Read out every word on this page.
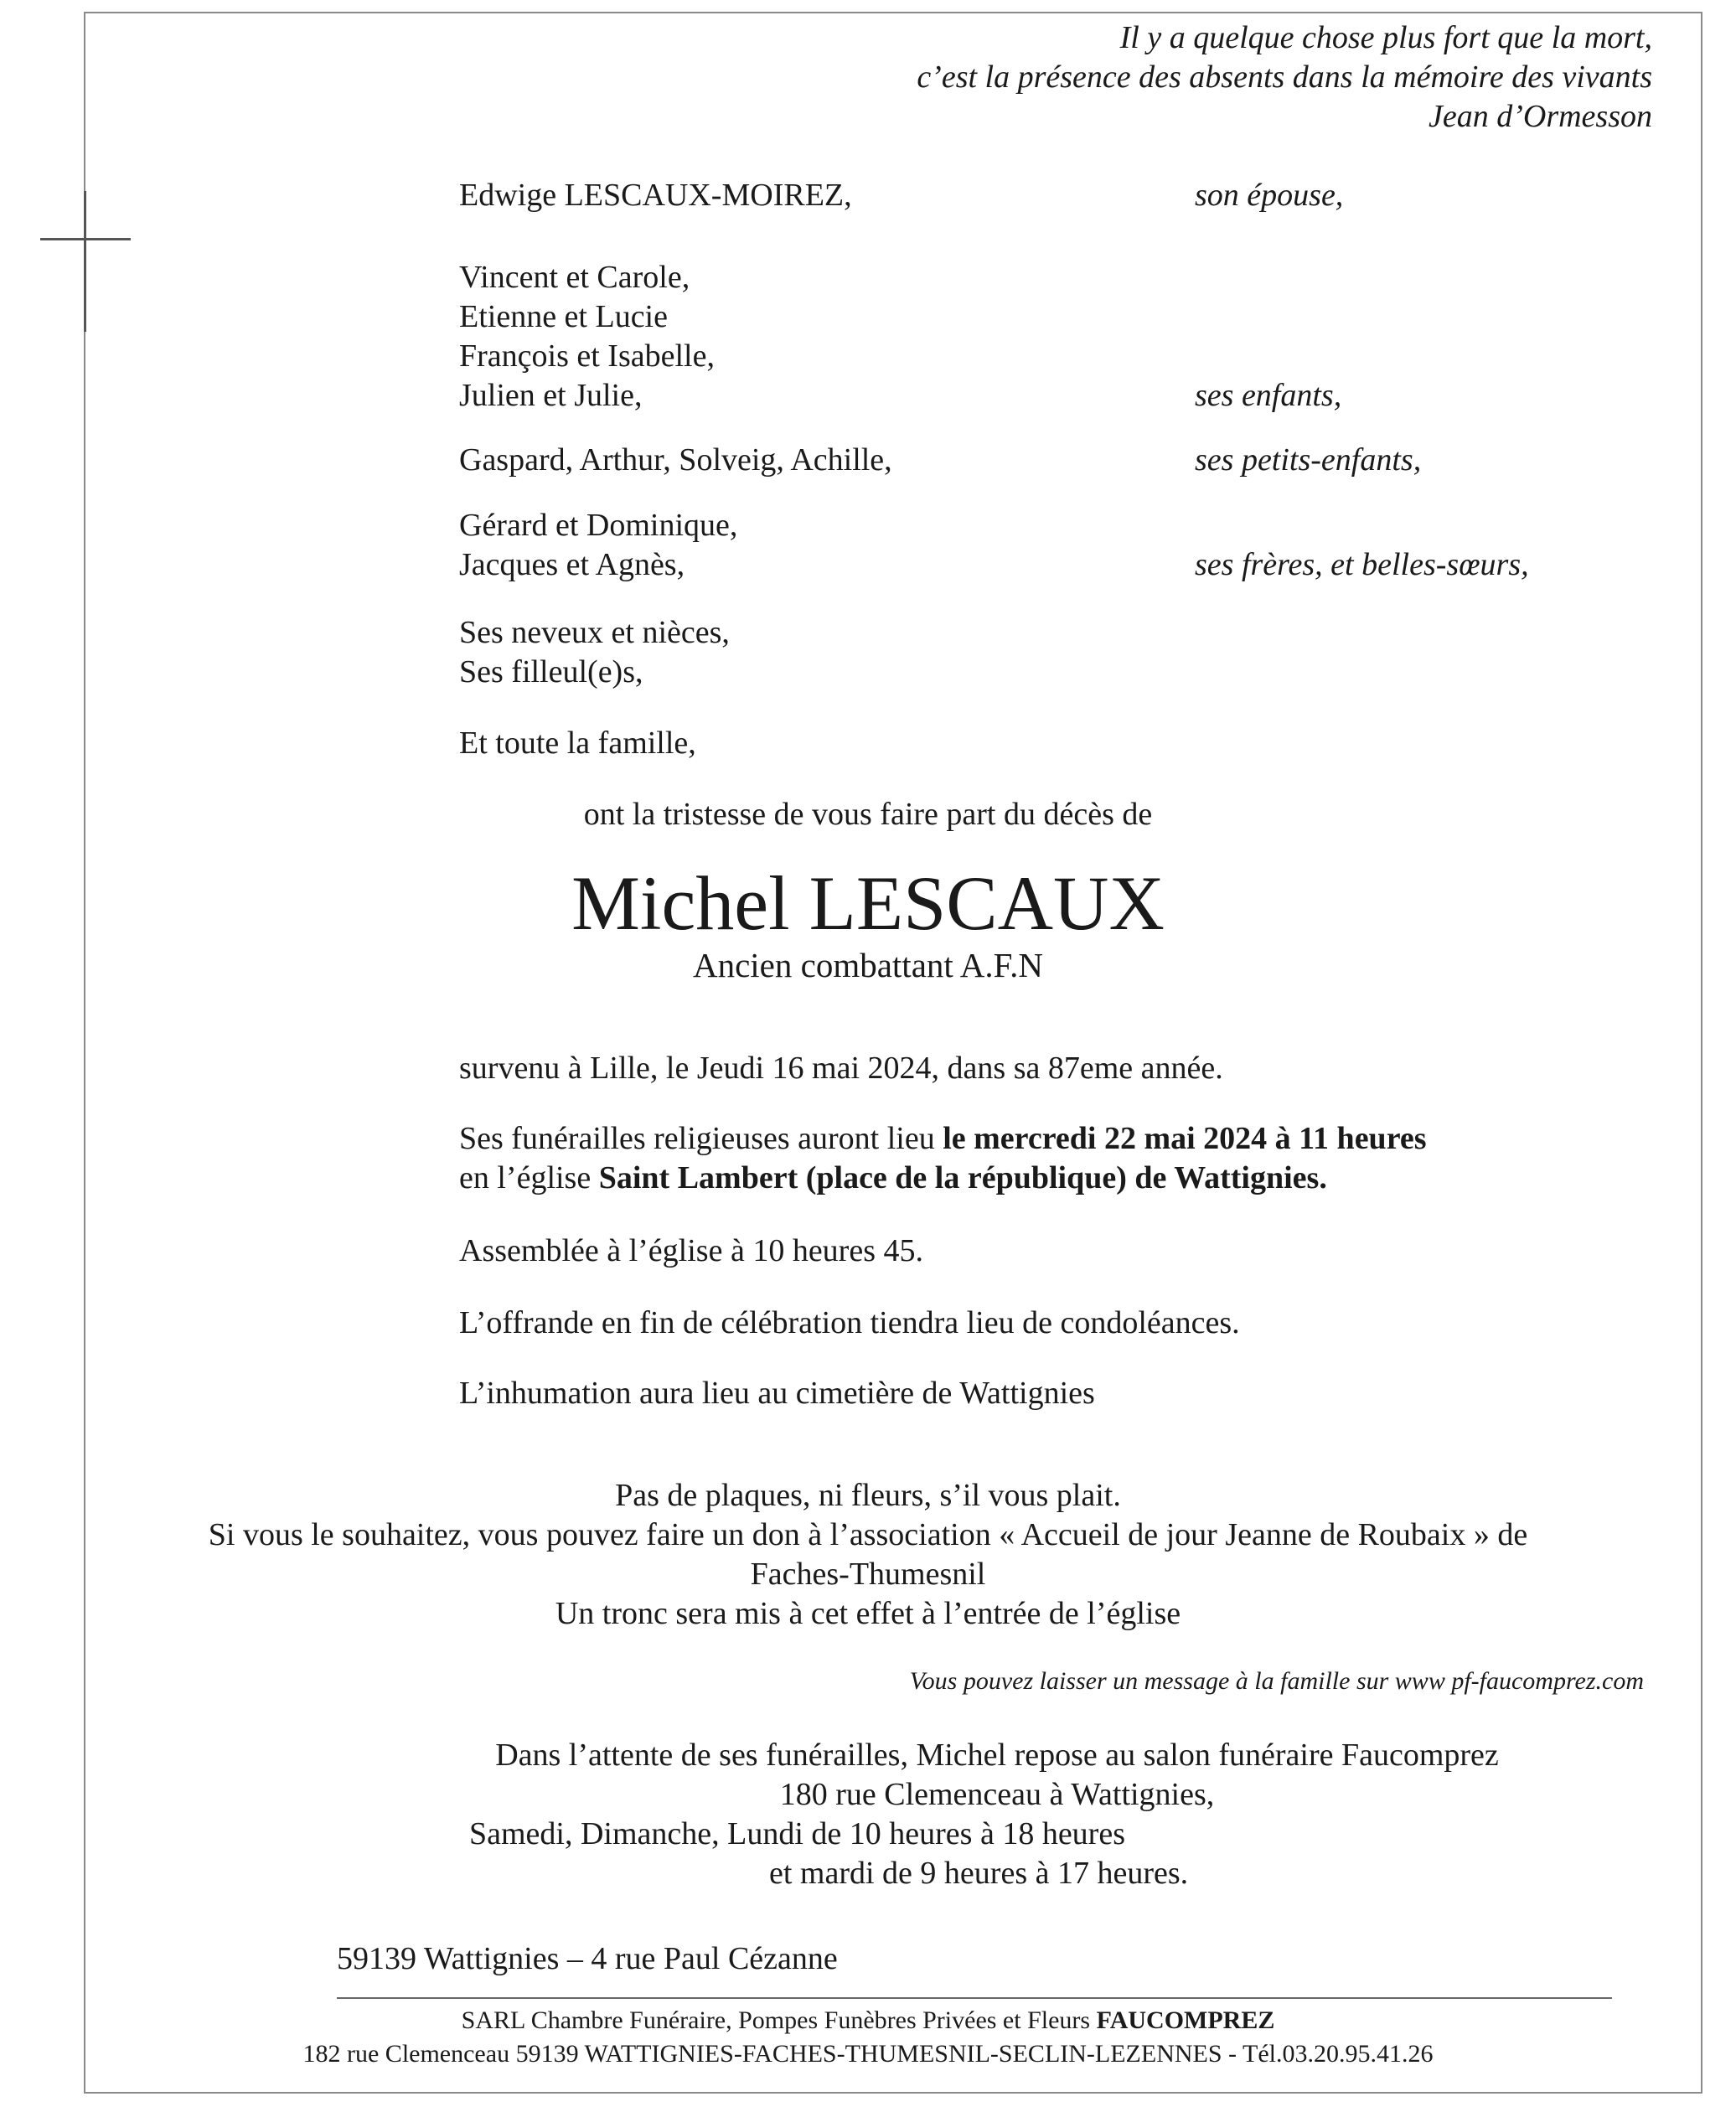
Il y a quelque chose plus fort que la mort,
c’est la présence des absents dans la mémoire des vivants
Jean d’Ormesson
Edwige LESCAUX-MOIREZ,	son épouse,
Vincent et Carole,
Etienne et Lucie
François et Isabelle,
Julien et Julie,	ses enfants,
Gaspard, Arthur, Solveig, Achille,	ses petits-enfants,
Gérard et Dominique,
Jacques et Agnès,	ses frères, et belles-sœurs,
Ses neveux et nièces,
Ses filleul(e)s,
Et toute la famille,
ont la tristesse de vous faire part du décès de
Michel LESCAUX
Ancien combattant A.F.N
survenu à Lille, le Jeudi 16 mai 2024, dans sa 87eme année.
Ses funérailles religieuses auront lieu le mercredi 22 mai 2024 à 11 heures
en l’église Saint Lambert (place de la république) de Wattignies.
Assemblée à l’église à 10 heures 45.
L’offrande en fin de célébration tiendra lieu de condoléances.
L’inhumation aura lieu au cimetière de Wattignies
Pas de plaques, ni fleurs, s’il vous plait.
Si vous le souhaitez, vous pouvez faire un don à l’association « Accueil de jour Jeanne de Roubaix » de
Faches-Thumesnil
Un tronc sera mis à cet effet à l’entrée de l’église
Vous pouvez laisser un message à la famille sur www pf-faucomprez.com
Dans l’attente de ses funérailles, Michel repose au salon funéraire Faucomprez
180 rue Clemenceau à Wattignies,
Samedi, Dimanche, Lundi de 10 heures à 18 heures
et mardi de 9 heures à 17 heures.
59139 Wattignies – 4 rue Paul Cézanne
SARL Chambre Funéraire, Pompes Funèbres Privées et Fleurs FAUCOMPREZ
182 rue Clemenceau 59139 WATTIGNIES-FACHES-THUMESNIL-SECLIN-LEZENNES - Tél.03.20.95.41.26
